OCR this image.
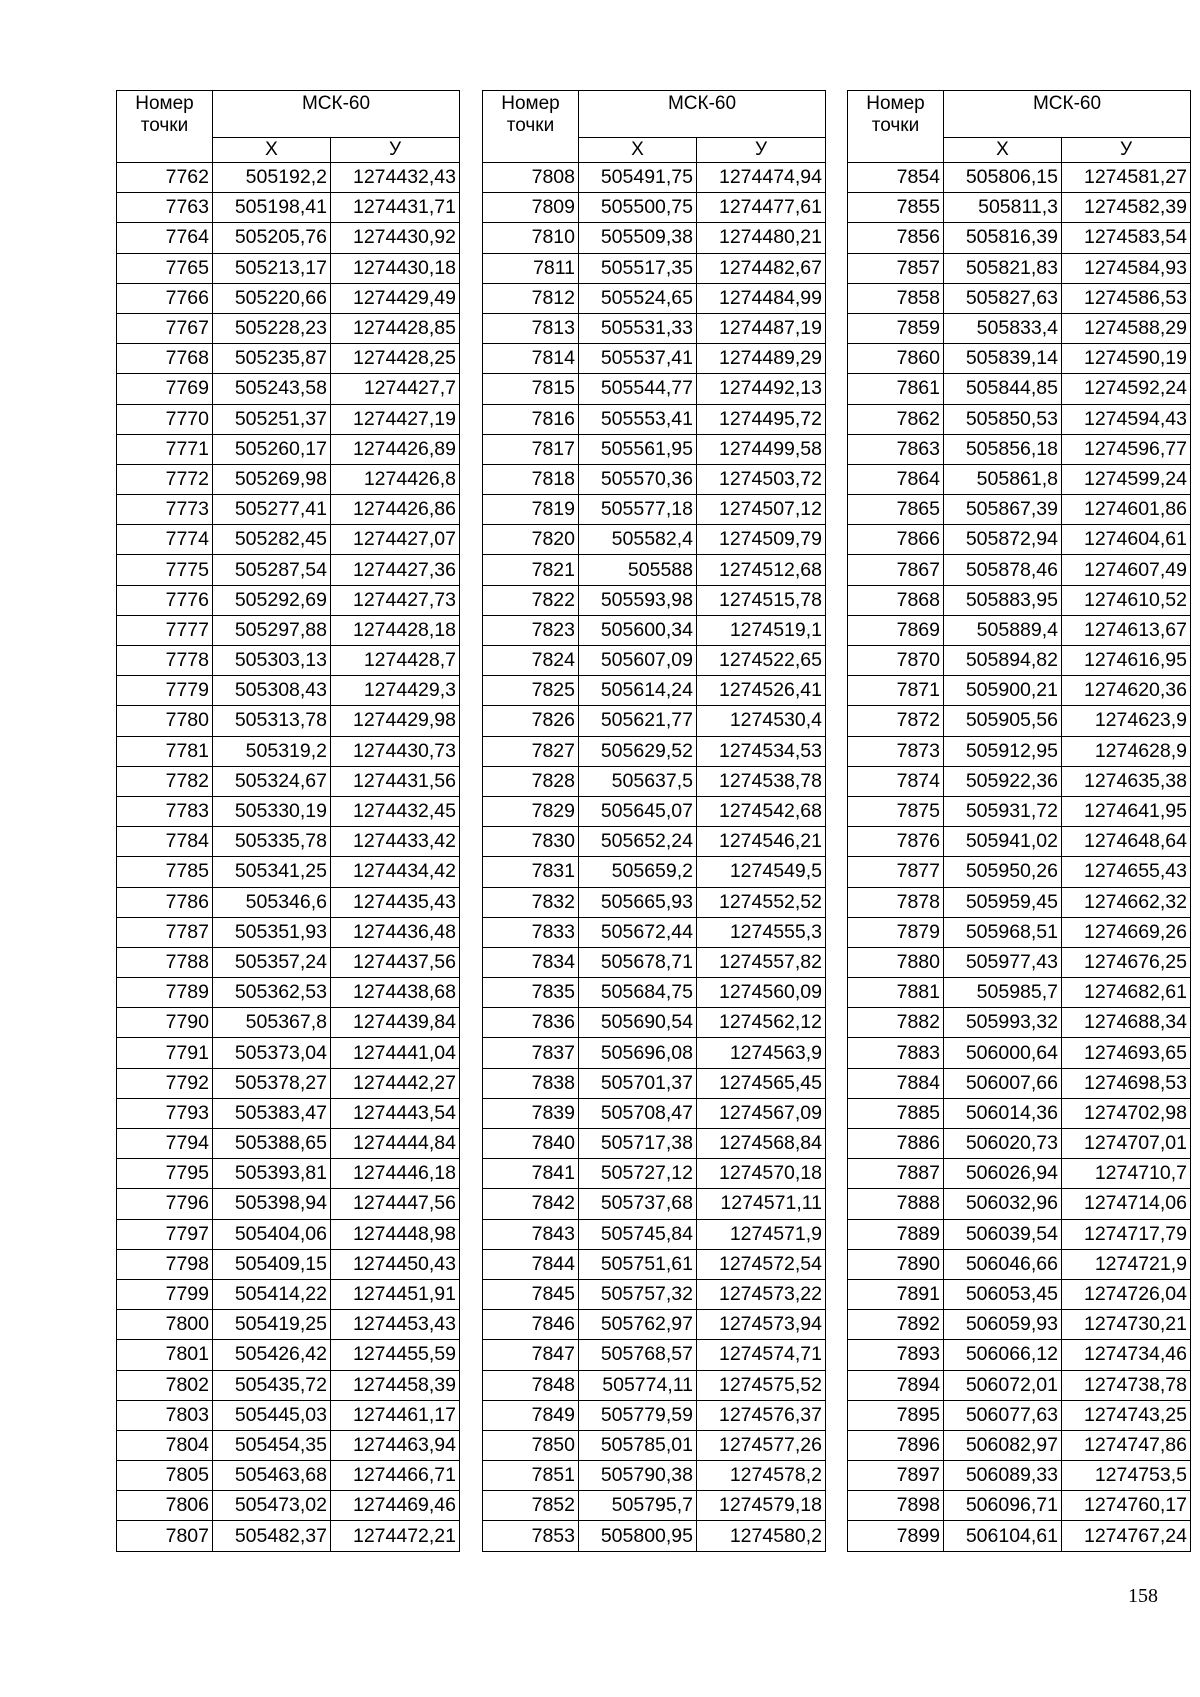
Номер
точки	МСК-60	
	Х	У
7762	505192,2	1274432,43
7763	505198,41	1274431,71
7764	505205,76	1274430,92
7765	505213,17	1274430,18
7766	505220,66	1274429,49
7767	505228,23	1274428,85
7768	505235,87	1274428,25
7769	505243,58	1274427,7
7770	505251,37	1274427,19
7771	505260,17	1274426,89
7772	505269,98	1274426,8
7773	505277,41	1274426,86
7774	505282,45	1274427,07
7775	505287,54	1274427,36
7776	505292,69	1274427,73
7777	505297,88	1274428,18
7778	505303,13	1274428,7
7779	505308,43	1274429,3
7780	505313,78	1274429,98
7781	505319,2	1274430,73
7782	505324,67	1274431,56
7783	505330,19	1274432,45
7784	505335,78	1274433,42
7785	505341,25	1274434,42
7786	505346,6	1274435,43
7787	505351,93	1274436,48
7788	505357,24	1274437,56
7789	505362,53	1274438,68
7790	505367,8	1274439,84
7791	505373,04	1274441,04
7792	505378,27	1274442,27
7793	505383,47	1274443,54
7794	505388,65	1274444,84
7795	505393,81	1274446,18
7796	505398,94	1274447,56
7797	505404,06	1274448,98
7798	505409,15	1274450,43
7799	505414,22	1274451,91
7800	505419,25	1274453,43
7801	505426,42	1274455,59
7802	505435,72	1274458,39
7803	505445,03	1274461,17
7804	505454,35	1274463,94
7805	505463,68	1274466,71
7806	505473,02	1274469,46
7807	505482,37	1274472,21
Номер
точки	МСК-60	
	Х	У
7808	505491,75	1274474,94
7809	505500,75	1274477,61
7810	505509,38	1274480,21
7811	505517,35	1274482,67
7812	505524,65	1274484,99
7813	505531,33	1274487,19
7814	505537,41	1274489,29
7815	505544,77	1274492,13
7816	505553,41	1274495,72
7817	505561,95	1274499,58
7818	505570,36	1274503,72
7819	505577,18	1274507,12
7820	505582,4	1274509,79
7821	505588	1274512,68
7822	505593,98	1274515,78
7823	505600,34	1274519,1
7824	505607,09	1274522,65
7825	505614,24	1274526,41
7826	505621,77	1274530,4
7827	505629,52	1274534,53
7828	505637,5	1274538,78
7829	505645,07	1274542,68
7830	505652,24	1274546,21
7831	505659,2	1274549,5
7832	505665,93	1274552,52
7833	505672,44	1274555,3
7834	505678,71	1274557,82
7835	505684,75	1274560,09
7836	505690,54	1274562,12
7837	505696,08	1274563,9
7838	505701,37	1274565,45
7839	505708,47	1274567,09
7840	505717,38	1274568,84
7841	505727,12	1274570,18
7842	505737,68	1274571,11
7843	505745,84	1274571,9
7844	505751,61	1274572,54
7845	505757,32	1274573,22
7846	505762,97	1274573,94
7847	505768,57	1274574,71
7848	505774,11	1274575,52
7849	505779,59	1274576,37
7850	505785,01	1274577,26
7851	505790,38	1274578,2
7852	505795,7	1274579,18
7853	505800,95	1274580,2
Номер
точки	МСК-60	
	Х	У
7854	505806,15	1274581,27
7855	505811,3	1274582,39
7856	505816,39	1274583,54
7857	505821,83	1274584,93
7858	505827,63	1274586,53
7859	505833,4	1274588,29
7860	505839,14	1274590,19
7861	505844,85	1274592,24
7862	505850,53	1274594,43
7863	505856,18	1274596,77
7864	505861,8	1274599,24
7865	505867,39	1274601,86
7866	505872,94	1274604,61
7867	505878,46	1274607,49
7868	505883,95	1274610,52
7869	505889,4	1274613,67
7870	505894,82	1274616,95
7871	505900,21	1274620,36
7872	505905,56	1274623,9
7873	505912,95	1274628,9
7874	505922,36	1274635,38
7875	505931,72	1274641,95
7876	505941,02	1274648,64
7877	505950,26	1274655,43
7878	505959,45	1274662,32
7879	505968,51	1274669,26
7880	505977,43	1274676,25
7881	505985,7	1274682,61
7882	505993,32	1274688,34
7883	506000,64	1274693,65
7884	506007,66	1274698,53
7885	506014,36	1274702,98
7886	506020,73	1274707,01
7887	506026,94	1274710,7
7888	506032,96	1274714,06
7889	506039,54	1274717,79
7890	506046,66	1274721,9
7891	506053,45	1274726,04
7892	506059,93	1274730,21
7893	506066,12	1274734,46
7894	506072,01	1274738,78
7895	506077,63	1274743,25
7896	506082,97	1274747,86
7897	506089,33	1274753,5
7898	506096,71	1274760,17
7899	506104,61	1274767,24
158
